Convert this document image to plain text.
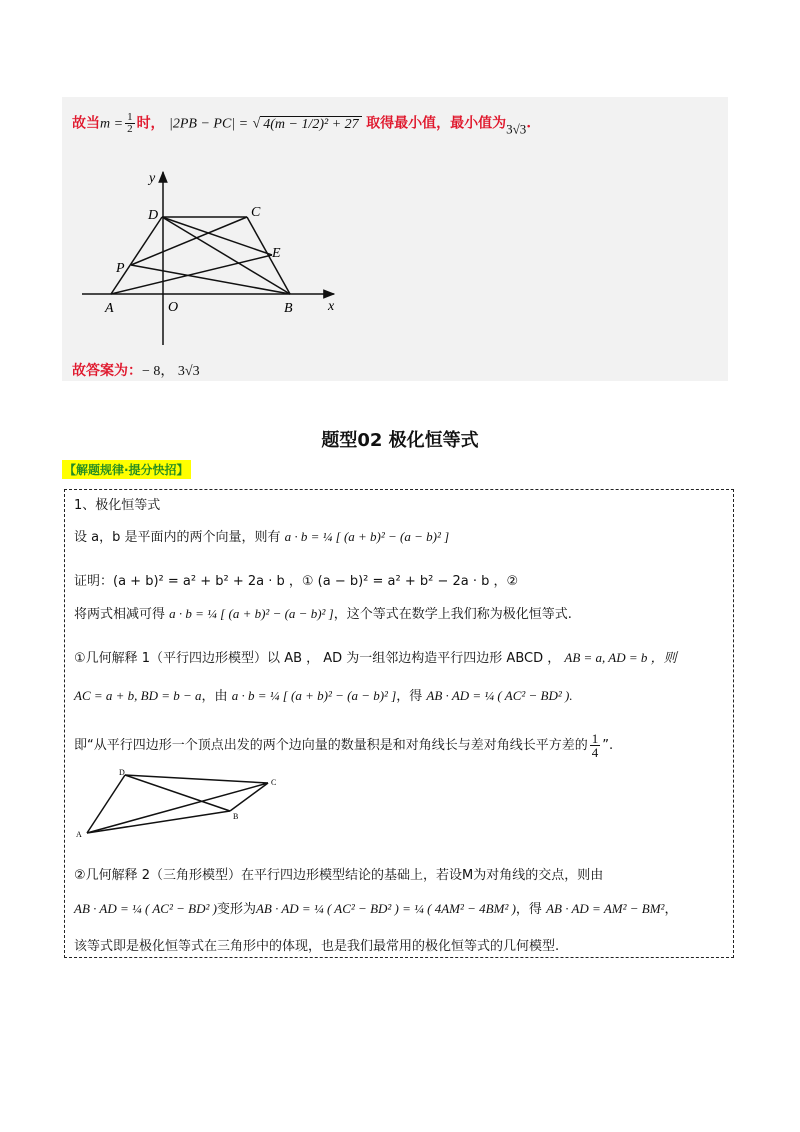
故当$m = \frac{1}{2}$ 时， |2PB − PC| = √ 4(m − 1/2)² + 27 取得最小值，最小值为3√3.
y
x
D	C
E
P
A	O	B
故答案为：− 8， 3√3
题型02 极化恒等式
【解题规律·提分快招】
1、极化恒等式
设 a，b 是平面内的两个向量，则有 a · b = ¼ [ (a + b)² − (a − b)² ]
证明：(a + b)² = a² + b² + 2a · b ，① (a − b)² = a² + b² − 2a · b ，②
将两式相减可得 a · b = ¼ [ (a + b)² − (a − b)² ]，这个等式在数学上我们称为极化恒等式.
①几何解释 1（平行四边形模型）以 AB ， AD 为一组邻边构造平行四边形 ABCD ， AB = a, AD = b ，则
AC = a + b, BD = b − a，由 a · b = ¼ [ (a + b)² − (a − b)² ]，得 AB · AD = ¼ ( AC² − BD² ).
即“从平行四边形一个顶点出发的两个边向量的数量积是和对角线长与差对角线长平方差的 $\frac{1}{4}$ ”.
A
B
C
D
②几何解释 2（三角形模型）在平行四边形模型结论的基础上，若设M为对角线的交点，则由
AB · AD = ¼ ( AC² − BD² )变形为AB · AD = ¼ ( AC² − BD² ) = ¼ ( 4AM² − 4BM² )，得 AB · AD = AM² − BM²，
该等式即是极化恒等式在三角形中的体现，也是我们最常用的极化恒等式的几何模型.
